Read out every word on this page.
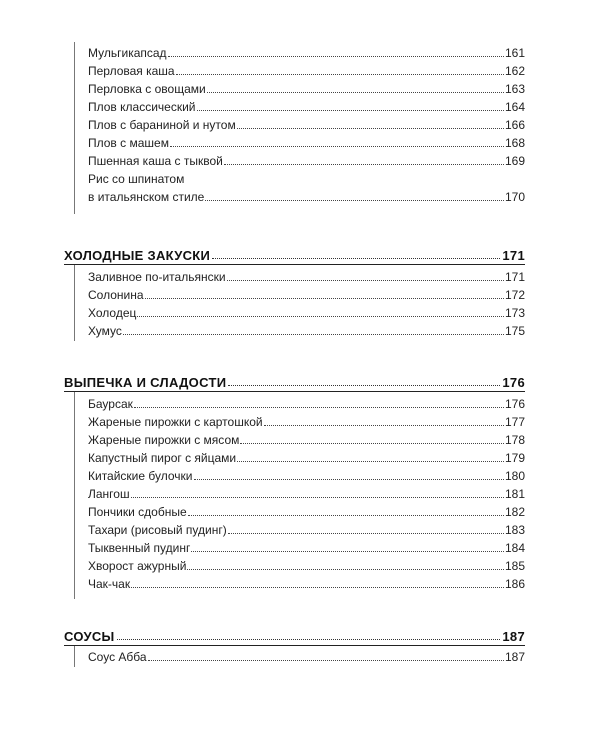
Мульгикапсад	161
Перловая каша	162
Перловка с овощами	163
Плов классический	164
Плов с бараниной и нутом	166
Плов с машем	168
Пшенная каша с тыквой	169
Рис со шпинатом
в итальянском стиле	170
ХОЛОДНЫЕ ЗАКУСКИ	171
Заливное по-итальянски	171
Солонина	172
Холодец	173
Хумус	175
ВЫПЕЧКА И СЛАДОСТИ	176
Баурсак	176
Жареные пирожки с картошкой	177
Жареные пирожки с мясом	178
Капустный пирог с яйцами	179
Китайские булочки	180
Лангош	181
Пончики сдобные	182
Тахари (рисовый пудинг)	183
Тыквенный пудинг	184
Хворост ажурный	185
Чак-чак	186
СОУСЫ	187
Соус Абба	187
